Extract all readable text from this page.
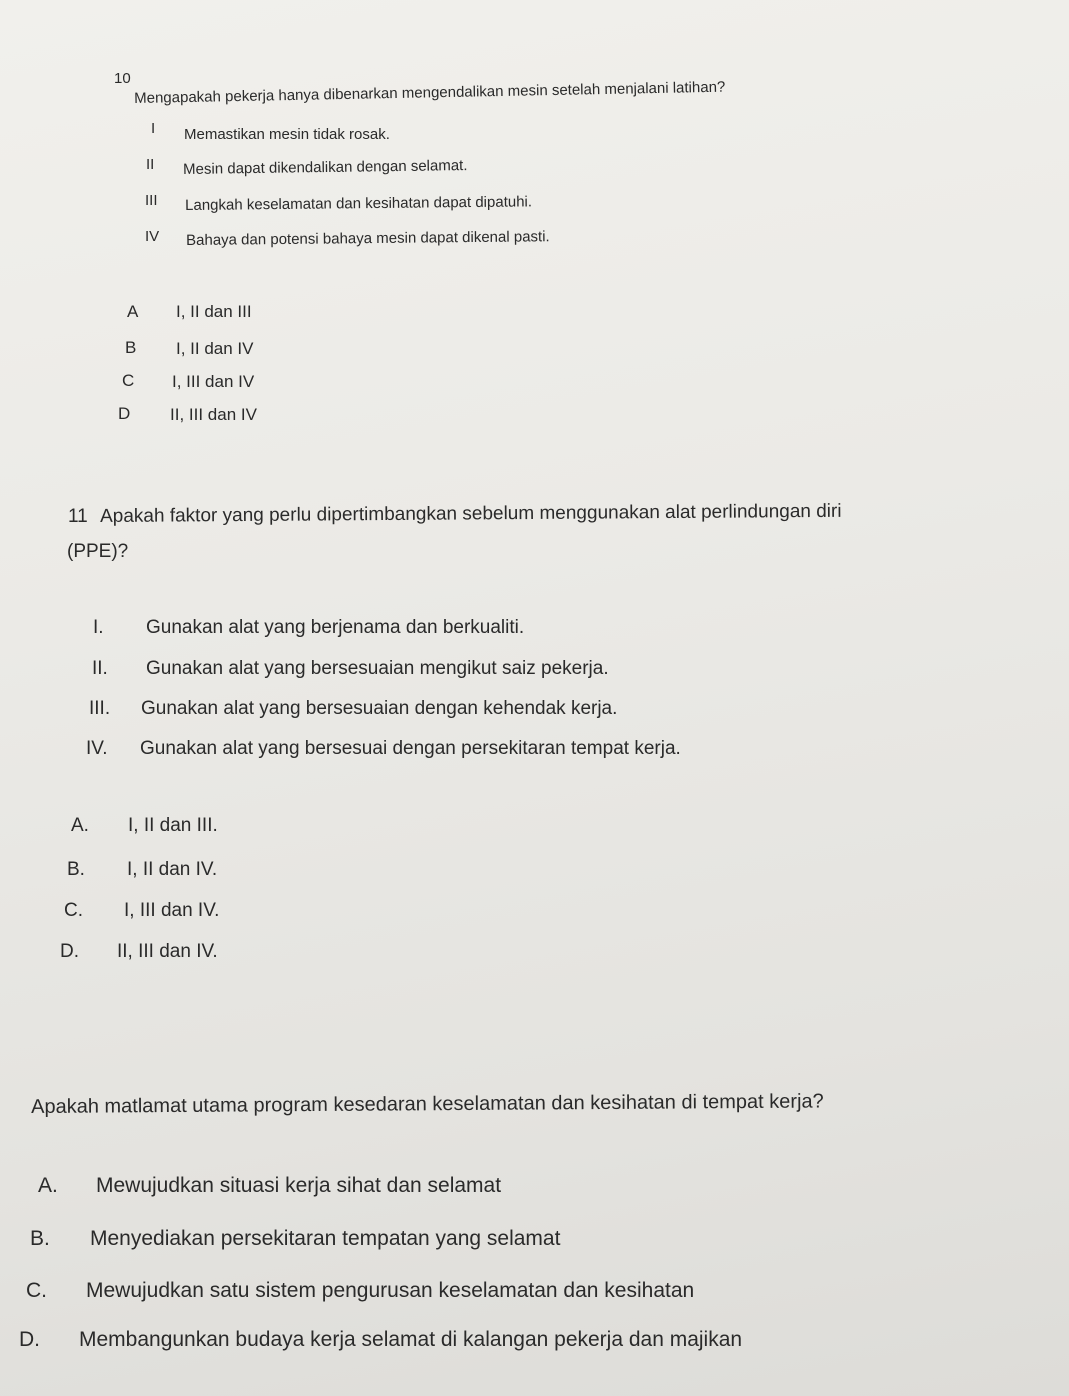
10
Mengapakah pekerja hanya dibenarkan mengendalikan mesin setelah menjalani latihan?
I Memastikan mesin tidak rosak.
II Mesin dapat dikendalikan dengan selamat.
III Langkah keselamatan dan kesihatan dapat dipatuhi.
IV Bahaya dan potensi bahaya mesin dapat dikenal pasti.
A I, II dan III
B I, II dan IV
C I, III dan IV
D II, III dan IV
11 Apakah faktor yang perlu dipertimbangkan sebelum menggunakan alat perlindungan diri
(PPE)?
I. Gunakan alat yang berjenama dan berkualiti.
II. Gunakan alat yang bersesuaian mengikut saiz pekerja.
III. Gunakan alat yang bersesuaian dengan kehendak kerja.
IV. Gunakan alat yang bersesuai dengan persekitaran tempat kerja.
A. I, II dan III.
B. I, II dan IV.
C. I, III dan IV.
D. II, III dan IV.
Apakah matlamat utama program kesedaran keselamatan dan kesihatan di tempat kerja?
A. Mewujudkan situasi kerja sihat dan selamat
B. Menyediakan persekitaran tempatan yang selamat
C. Mewujudkan satu sistem pengurusan keselamatan dan kesihatan
D. Membangunkan budaya kerja selamat di kalangan pekerja dan majikan
